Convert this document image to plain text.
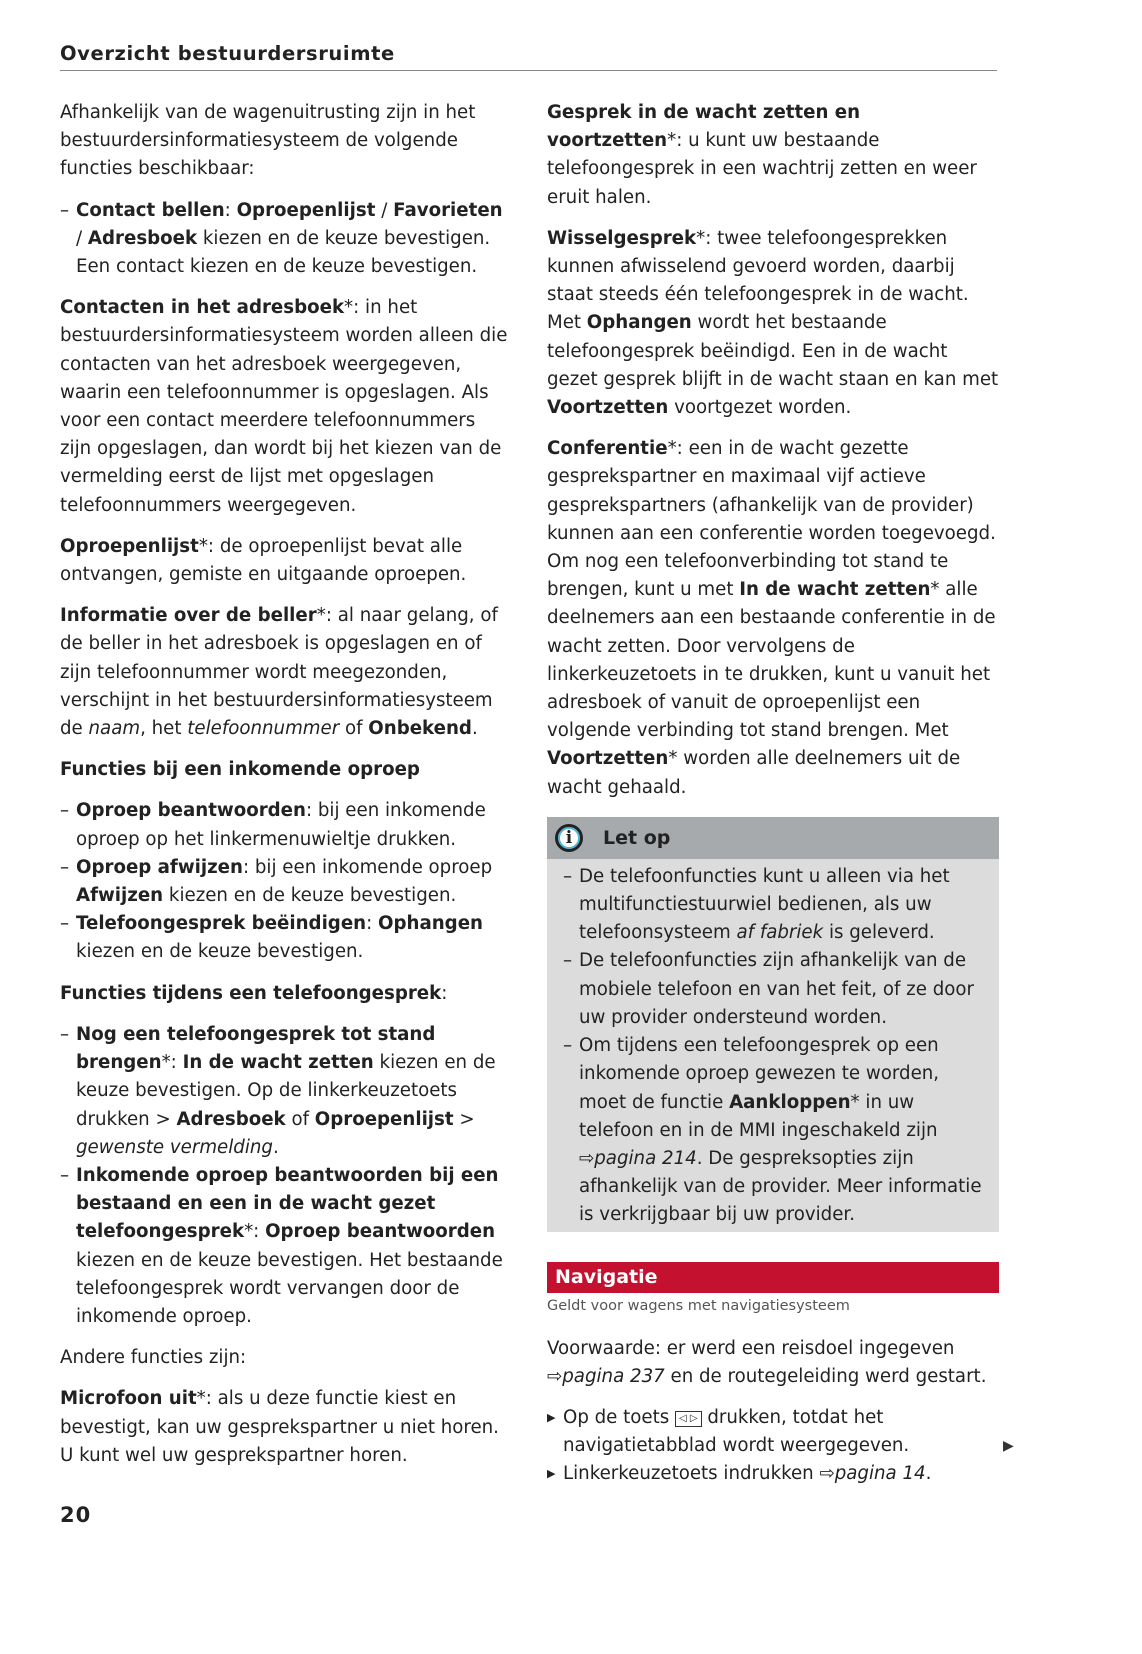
Overzicht bestuurdersruimte

Afhankelijk van de wagenuitrusting zijn in het bestuurdersinformatiesysteem de volgende functies beschikbaar:

– Contact bellen: Oproepenlijst / Favorieten / Adresboek kiezen en de keuze bevestigen. Een contact kiezen en de keuze bevestigen.

Contacten in het adresboek*: in het bestuurdersinformatiesysteem worden alleen die contacten van het adresboek weergegeven, waarin een telefoonnummer is opgeslagen. Als voor een contact meerdere telefoonnummers zijn opgeslagen, dan wordt bij het kiezen van de vermelding eerst de lijst met opgeslagen telefoonnummers weergegeven.

Oproepenlijst*: de oproepenlijst bevat alle ontvangen, gemiste en uitgaande oproepen.

Informatie over de beller*: al naar gelang, of de beller in het adresboek is opgeslagen en of zijn telefoonnummer wordt meegezonden, verschijnt in het bestuurdersinformatiesysteem de naam, het telefoonnummer of Onbekend.

Functies bij een inkomende oproep

– Oproep beantwoorden: bij een inkomende oproep op het linkermenuwieltje drukken.

– Oproep afwijzen: bij een inkomende oproep Afwijzen kiezen en de keuze bevestigen.

– Telefoongesprek beëindigen: Ophangen kiezen en de keuze bevestigen.

Functies tijdens een telefoongesprek:

– Nog een telefoongesprek tot stand brengen*: In de wacht zetten kiezen en de keuze bevestigen. Op de linkerkeuzetoets drukken > Adresboek of Oproepenlijst > gewenste vermelding.

– Inkomende oproep beantwoorden bij een bestaand en een in de wacht gezet telefoongesprek*: Oproep beantwoorden kiezen en de keuze bevestigen. Het bestaande telefoongesprek wordt vervangen door de inkomende oproep.

Andere functies zijn:

Microfoon uit*: als u deze functie kiest en bevestigt, kan uw gesprekspartner u niet horen. U kunt wel uw gesprekspartner horen.

Gesprek in de wacht zetten en voortzetten*: u kunt uw bestaande telefoongesprek in een wachtrij zetten en weer eruit halen.

Wisselgesprek*: twee telefoongesprekken kunnen afwisselend gevoerd worden, daarbij staat steeds één telefoongesprek in de wacht. Met Ophangen wordt het bestaande telefoongesprek beëindigd. Een in de wacht gezet gesprek blijft in de wacht staan en kan met Voortzetten voortgezet worden.

Conferentie*: een in de wacht gezette gesprekspartner en maximaal vijf actieve gesprekspartners (afhankelijk van de provider) kunnen aan een conferentie worden toegevoegd. Om nog een telefoonverbinding tot stand te brengen, kunt u met In de wacht zetten* alle deelnemers aan een bestaande conferentie in de wacht zetten. Door vervolgens de linkerkeuzetoets in te drukken, kunt u vanuit het adresboek of vanuit de oproepenlijst een volgende verbinding tot stand brengen. Met Voortzetten* worden alle deelnemers uit de wacht gehaald.

i	Let op

– De telefoonfuncties kunt u alleen via het multifunctiestuurwiel bedienen, als uw telefoonsysteem af fabriek is geleverd.

– De telefoonfuncties zijn afhankelijk van de mobiele telefoon en van het feit, of ze door uw provider ondersteund worden.

– Om tijdens een telefoongesprek op een inkomende oproep gewezen te worden, moet de functie Aankloppen* in uw telefoon en in de MMI ingeschakeld zijn ⇨pagina 214. De gespreksopties zijn afhankelijk van de provider. Meer informatie is verkrijgbaar bij uw provider.

Navigatie
Geldt voor wagens met navigatiesysteem

Voorwaarde: er werd een reisdoel ingegeven ⇨pagina 237 en de routegeleiding werd gestart.

▶ Op de toets ◁ ▷ drukken, totdat het navigatietabblad wordt weergegeven.

▶ Linkerkeuzetoets indrukken ⇨pagina 14.

20
▶
